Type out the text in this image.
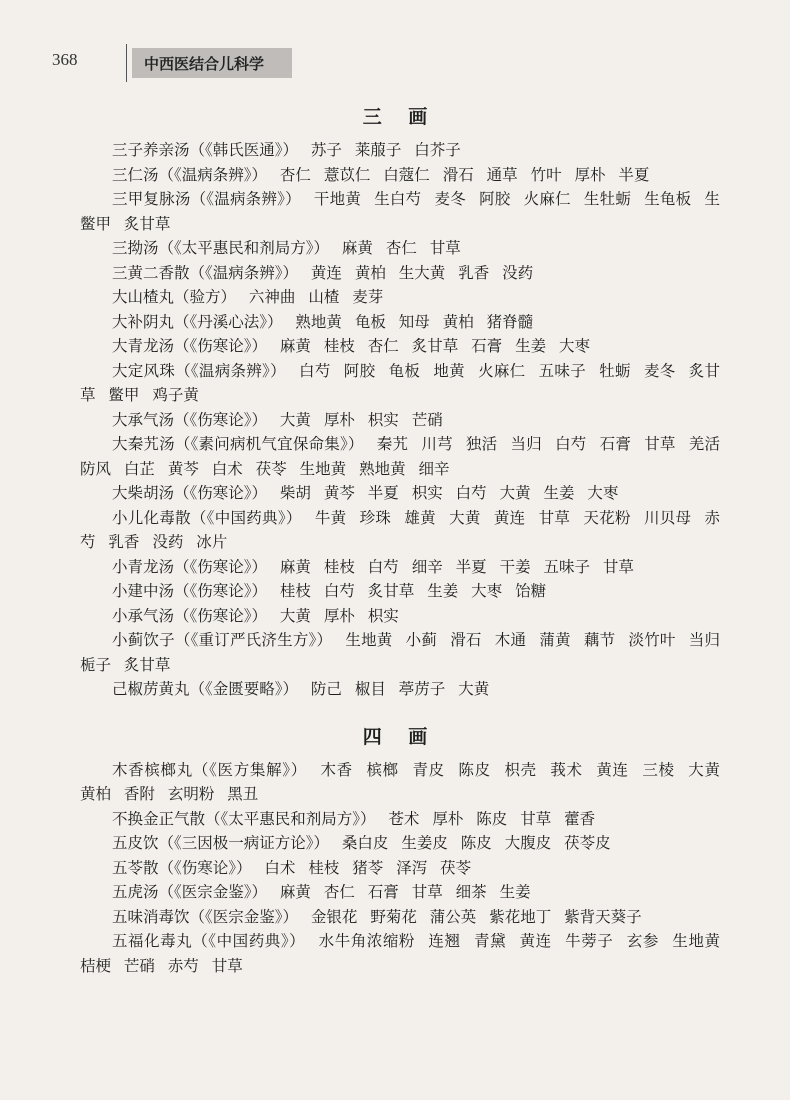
368	中西医结合儿科学
三 画

三子养亲汤（《韩氏医通》） 苏子 莱菔子 白芥子

三仁汤（《温病条辨》） 杏仁 薏苡仁 白蔻仁 滑石 通草 竹叶 厚朴 半夏

三甲复脉汤（《温病条辨》） 干地黄 生白芍 麦冬 阿胶 火麻仁 生牡蛎 生龟板 生鳖甲 炙甘草

三拗汤（《太平惠民和剂局方》） 麻黄 杏仁 甘草

三黄二香散（《温病条辨》） 黄连 黄柏 生大黄 乳香 没药

大山楂丸（验方） 六神曲 山楂 麦芽

大补阴丸（《丹溪心法》） 熟地黄 龟板 知母 黄柏 猪脊髓

大青龙汤（《伤寒论》） 麻黄 桂枝 杏仁 炙甘草 石膏 生姜 大枣

大定风珠（《温病条辨》） 白芍 阿胶 龟板 地黄 火麻仁 五味子 牡蛎 麦冬 炙甘草 鳖甲 鸡子黄

大承气汤（《伤寒论》） 大黄 厚朴 枳实 芒硝

大秦艽汤（《素问病机气宜保命集》） 秦艽 川芎 独活 当归 白芍 石膏 甘草 羌活 防风 白芷 黄芩 白术 茯苓 生地黄 熟地黄 细辛

大柴胡汤（《伤寒论》） 柴胡 黄芩 半夏 枳实 白芍 大黄 生姜 大枣

小儿化毒散（《中国药典》） 牛黄 珍珠 雄黄 大黄 黄连 甘草 天花粉 川贝母 赤芍 乳香 没药 冰片

小青龙汤（《伤寒论》） 麻黄 桂枝 白芍 细辛 半夏 干姜 五味子 甘草

小建中汤（《伤寒论》） 桂枝 白芍 炙甘草 生姜 大枣 饴糖

小承气汤（《伤寒论》） 大黄 厚朴 枳实

小蓟饮子（《重订严氏济生方》） 生地黄 小蓟 滑石 木通 蒲黄 藕节 淡竹叶 当归 栀子 炙甘草

己椒苈黄丸（《金匮要略》） 防己 椒目 葶苈子 大黄

四 画

木香槟榔丸（《医方集解》） 木香 槟榔 青皮 陈皮 枳壳 莪术 黄连 三棱 大黄 黄柏 香附 玄明粉 黑丑

不换金正气散（《太平惠民和剂局方》） 苍术 厚朴 陈皮 甘草 藿香

五皮饮（《三因极一病证方论》） 桑白皮 生姜皮 陈皮 大腹皮 茯苓皮

五苓散（《伤寒论》） 白术 桂枝 猪苓 泽泻 茯苓

五虎汤（《医宗金鉴》） 麻黄 杏仁 石膏 甘草 细茶 生姜

五味消毒饮（《医宗金鉴》） 金银花 野菊花 蒲公英 紫花地丁 紫背天葵子

五福化毒丸（《中国药典》） 水牛角浓缩粉 连翘 青黛 黄连 牛蒡子 玄参 生地黄 桔梗 芒硝 赤芍 甘草
